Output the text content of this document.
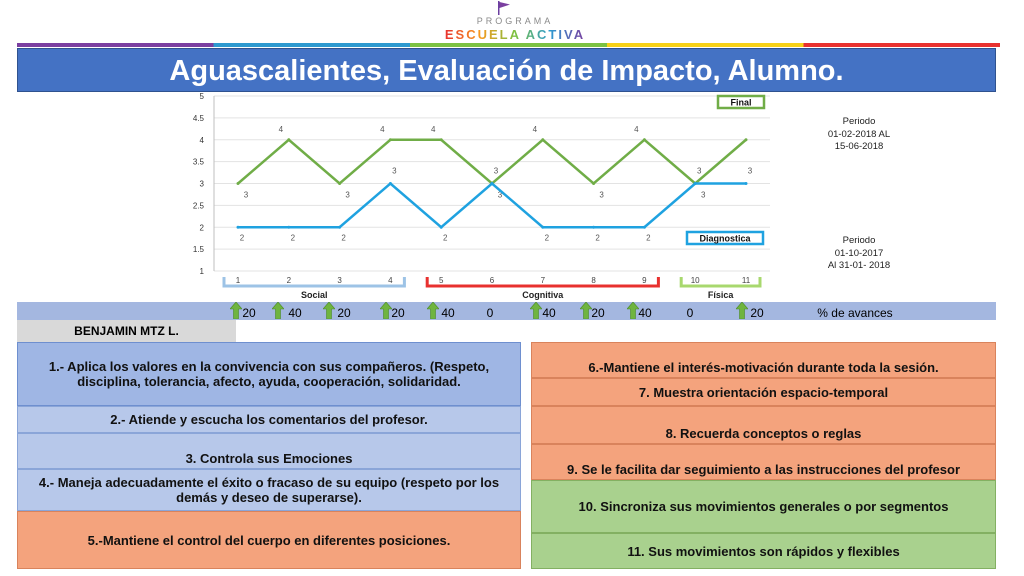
PROGRAMA
ESCUELA ACTIVA
Aguascalientes, Evaluación de Impacto, Alumno.
1
1.5
2
2.5
3
3.5
4
4.5
5
3
4
3
4	4
3
4
3
4
3
2	2	2
3
2
3
2	2	2
3	3
Social	Cognitiva	Física
1	2	3	4	5	6	7	8	9	10	11
Final
Diagnostica
Periodo
01-02-2018 AL
15-06-2018
Periodo
01-10-2017
Al 31-01- 2018
20	40	20	20	40	0	40	20	40	0	20	% de avances
BENJAMIN MTZ L.
1.- Aplica los valores en la convivencia con sus compañeros. (Respeto, disciplina, tolerancia, afecto, ayuda, cooperación, solidaridad.
2.- Atiende y escucha los comentarios del profesor.
3. Controla sus Emociones
4.- Maneja adecuadamente el éxito o fracaso de su equipo (respeto por los demás y deseo de superarse).
5.-Mantiene el control del cuerpo en diferentes posiciones.
6.-Mantiene el interés-motivación durante toda la sesión.
7. Muestra orientación espacio-temporal
8. Recuerda conceptos o reglas
9. Se le facilita dar seguimiento a las instrucciones del profesor
10. Sincroniza sus movimientos generales o por segmentos
11. Sus movimientos son rápidos y flexibles
